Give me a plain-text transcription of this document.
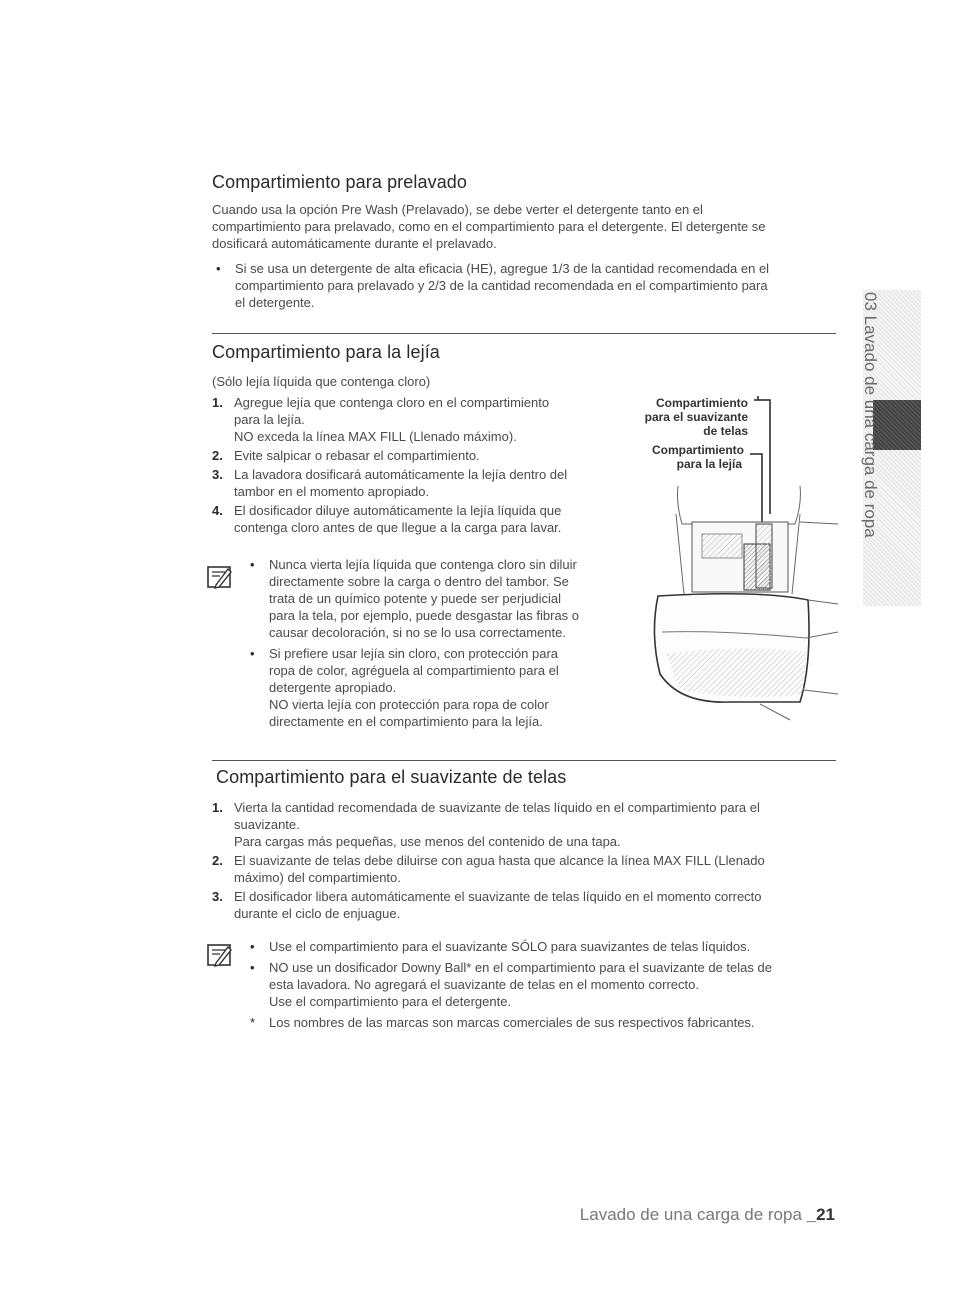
03 Lavado de una carga de ropa
Compartimiento para prelavado
Cuando usa la opción Pre Wash (Prelavado), se debe verter el detergente tanto en el
compartimiento para prelavado, como en el compartimiento para el detergente. El detergente se
dosificará automáticamente durante el prelavado.
• Si se usa un detergente de alta eficacia (HE), agregue 1/3 de la cantidad recomendada en el
compartimiento para prelavado y 2/3 de la cantidad recomendada en el compartimiento para
el detergente.
Compartimiento para la lejía
(Sólo lejía líquida que contenga cloro)
1. Agregue lejía que contenga cloro en el compartimiento
para la lejía.
NO exceda la línea MAX FILL (Llenado máximo).
2. Evite salpicar o rebasar el compartimiento.
3. La lavadora dosificará automáticamente la lejía dentro del
tambor en el momento apropiado.
4. El dosificador diluye automáticamente la lejía líquida que
contenga cloro antes de que llegue a la carga para lavar.
• Nunca vierta lejía líquida que contenga cloro sin diluir
directamente sobre la carga o dentro del tambor. Se
trata de un químico potente y puede ser perjudicial
para la tela, por ejemplo, puede desgastar las fibras o
causar decoloración, si no se lo usa correctamente.
• Si prefiere usar lejía sin cloro, con protección para
ropa de color, agréguela al compartimiento para el
detergente apropiado.
NO vierta lejía con protección para ropa de color
directamente en el compartimiento para la lejía.
Compartimiento
para el suavizante
de telas
Compartimiento
para la lejía
Compartimiento para el suavizante de telas
1. Vierta la cantidad recomendada de suavizante de telas líquido en el compartimiento para el
suavizante.
Para cargas más pequeñas, use menos del contenido de una tapa.
2. El suavizante de telas debe diluirse con agua hasta que alcance la línea MAX FILL (Llenado
máximo) del compartimiento.
3. El dosificador libera automáticamente el suavizante de telas líquido en el momento correcto
durante el ciclo de enjuague.
• Use el compartimiento para el suavizante SÓLO para suavizantes de telas líquidos.
• NO use un dosificador Downy Ball* en el compartimiento para el suavizante de telas de
esta lavadora. No agregará el suavizante de telas en el momento correcto.
Use el compartimiento para el detergente.
* Los nombres de las marcas son marcas comerciales de sus respectivos fabricantes.
Lavado de una carga de ropa _21
